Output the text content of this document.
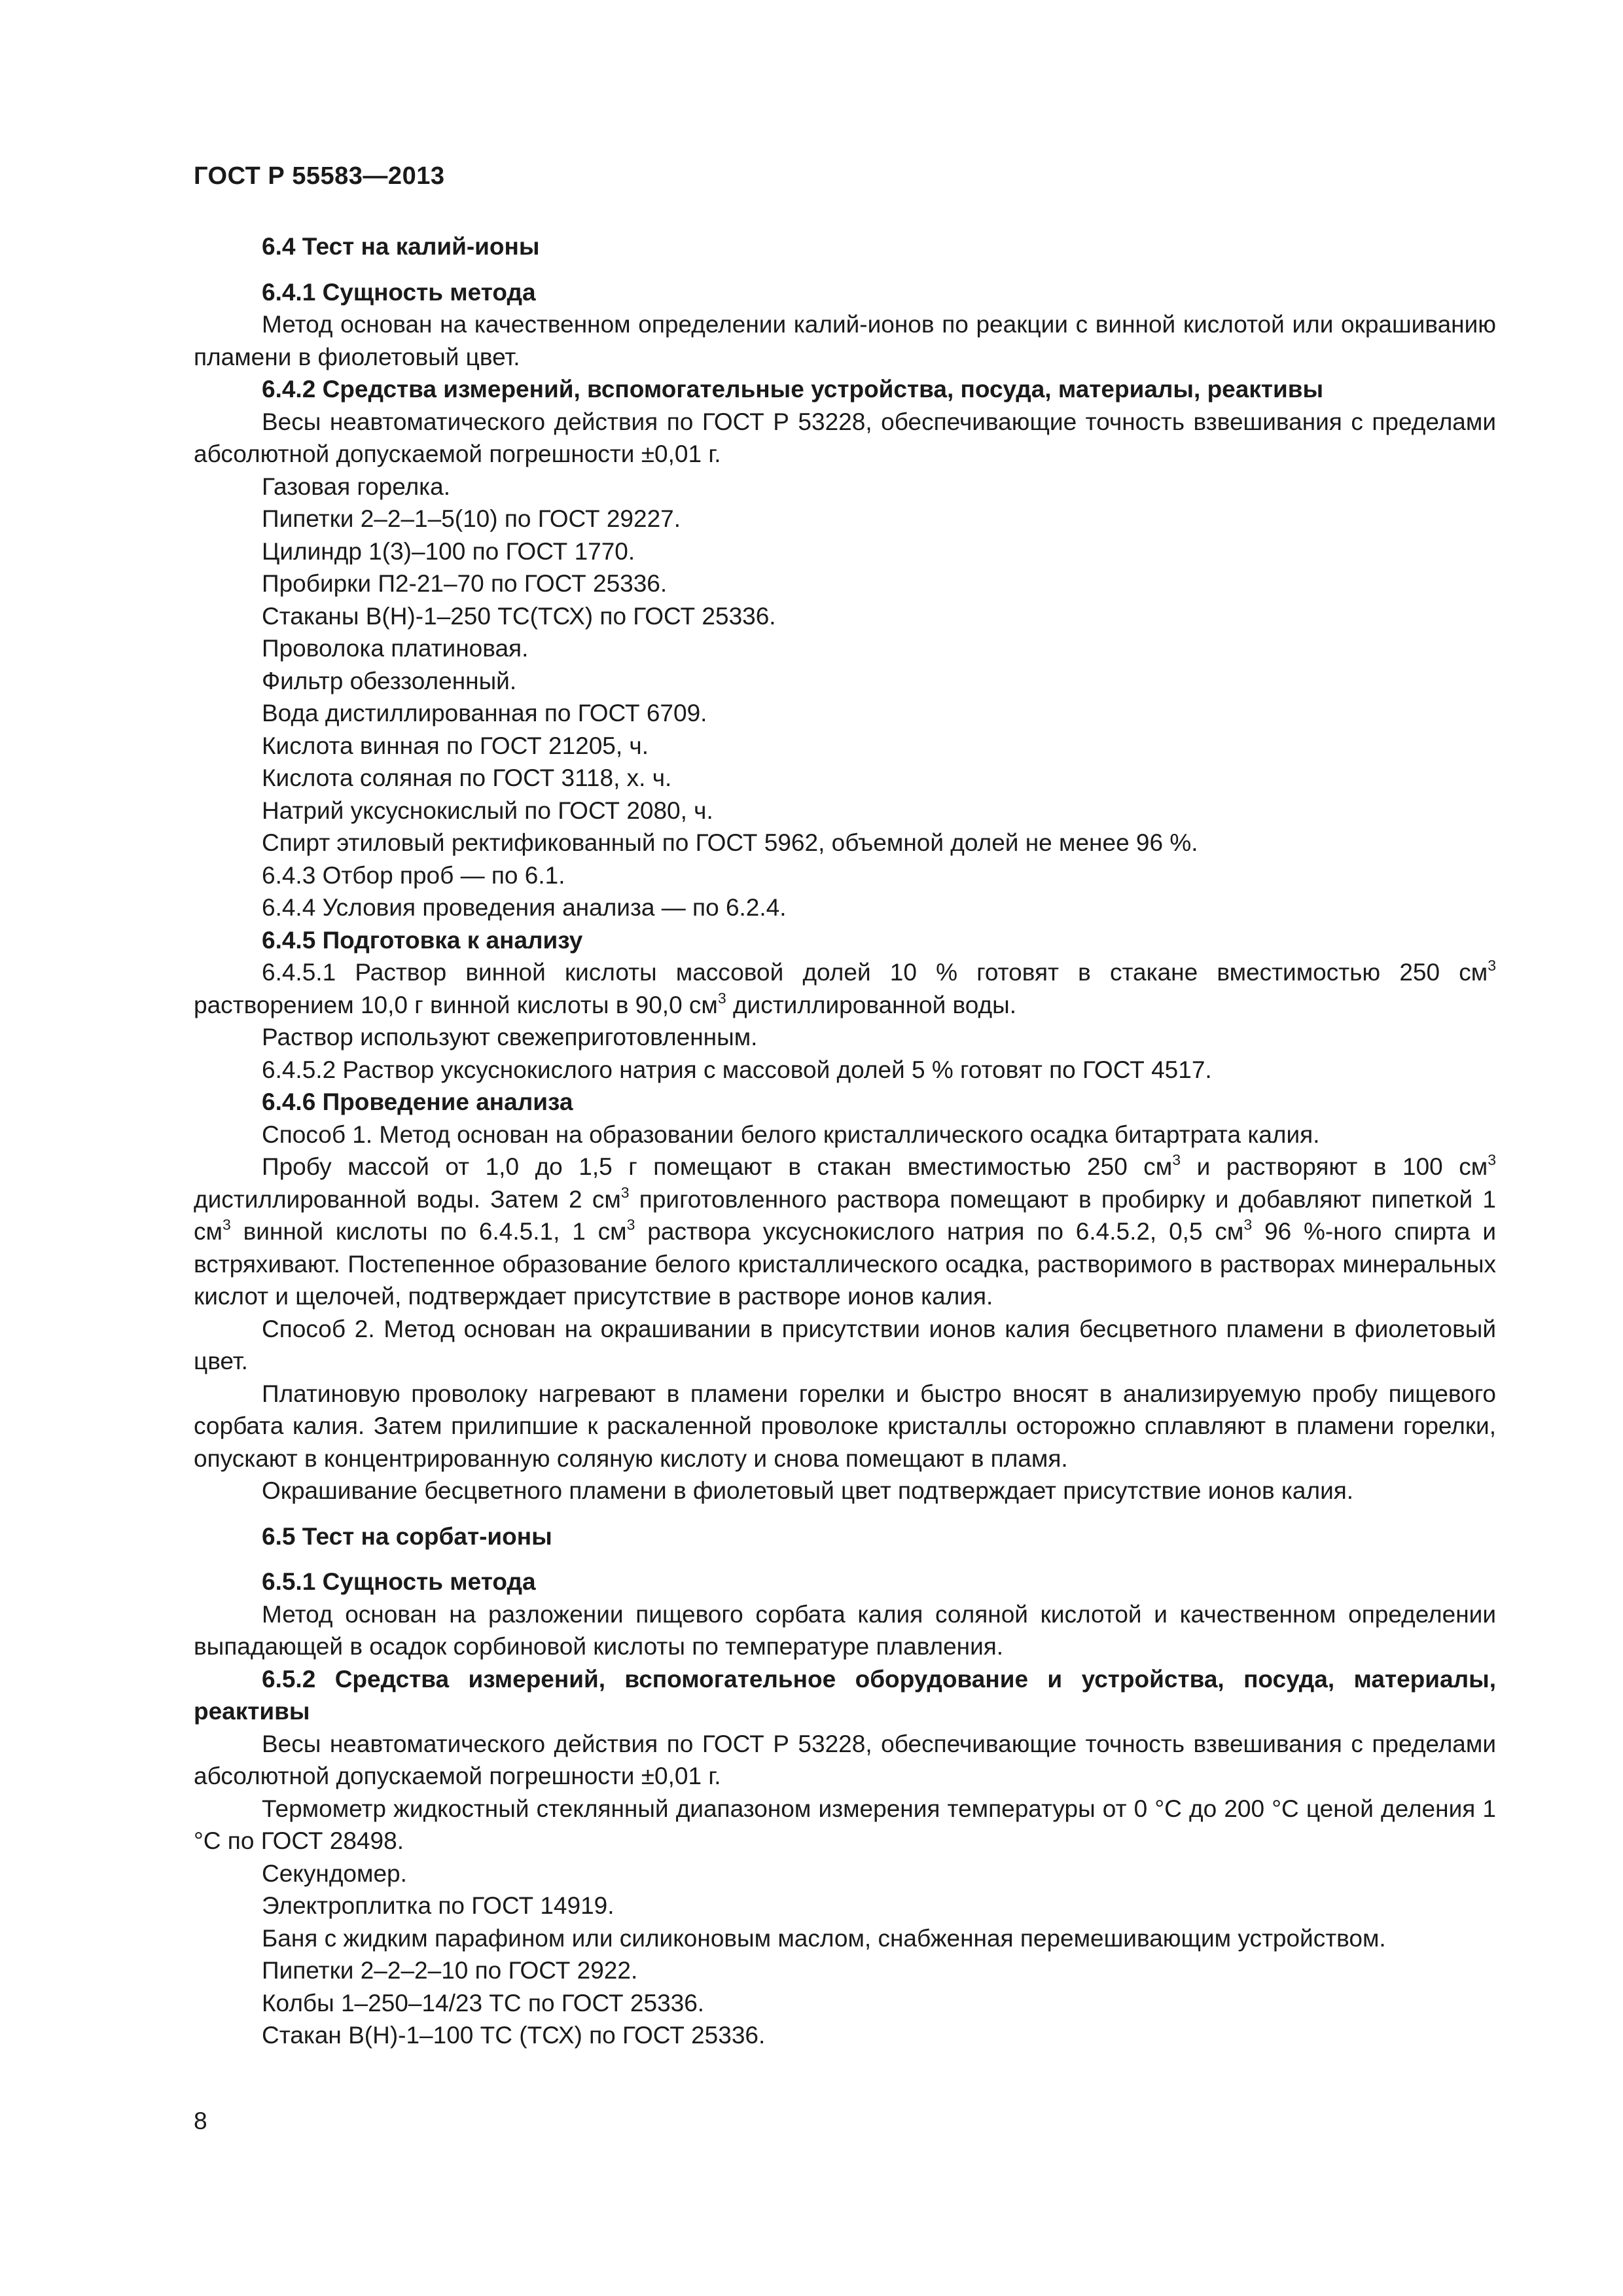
ГОСТ Р 55583—2013

6.4 Тест на калий-ионы

6.4.1 Сущность метода

Метод основан на качественном определении калий-ионов по реакции с винной кислотой или окрашиванию пламени в фиолетовый цвет.

6.4.2 Средства измерений, вспомогательные устройства, посуда, материалы, реактивы

Весы неавтоматического действия по ГОСТ Р 53228, обеспечивающие точность взвешивания с пределами абсолютной допускаемой погрешности ±0,01 г.

Газовая горелка.

Пипетки 2–2–1–5(10) по ГОСТ 29227.

Цилиндр 1(3)–100 по ГОСТ 1770.

Пробирки П2-21–70 по ГОСТ 25336.

Стаканы В(Н)-1–250 ТС(ТСХ) по ГОСТ 25336.

Проволока платиновая.

Фильтр обеззоленный.

Вода дистиллированная по ГОСТ 6709.

Кислота винная по ГОСТ 21205, ч.

Кислота соляная по ГОСТ 3118, х. ч.

Натрий уксуснокислый по ГОСТ 2080, ч.

Спирт этиловый ректификованный по ГОСТ 5962, объемной долей не менее 96 %.

6.4.3 Отбор проб — по 6.1.

6.4.4 Условия проведения анализа — по 6.2.4.

6.4.5 Подготовка к анализу

6.4.5.1 Раствор винной кислоты массовой долей 10 % готовят в стакане вместимостью 250 $см^3$ растворением 10,0 г винной кислоты в 90,0 $см^3$ дистиллированной воды.

Раствор используют свежеприготовленным.

6.4.5.2 Раствор уксуснокислого натрия с массовой долей 5 % готовят по ГОСТ 4517.

6.4.6 Проведение анализа

Способ 1. Метод основан на образовании белого кристаллического осадка битартрата калия.

Пробу массой от 1,0 до 1,5 г помещают в стакан вместимостью 250 $см^3$ и растворяют в 100 $см^3$ дистиллированной воды. Затем 2 $см^3$ приготовленного раствора помещают в пробирку и добавляют пипеткой 1 $см^3$ винной кислоты по 6.4.5.1, 1 $см^3$ раствора уксуснокислого натрия по 6.4.5.2, 0,5 $см^3$ 96 %-ного спирта и встряхивают. Постепенное образование белого кристаллического осадка, растворимого в растворах минеральных кислот и щелочей, подтверждает присутствие в растворе ионов калия.

Способ 2. Метод основан на окрашивании в присутствии ионов калия бесцветного пламени в фиолетовый цвет.

Платиновую проволоку нагревают в пламени горелки и быстро вносят в анализируемую пробу пищевого сорбата калия. Затем прилипшие к раскаленной проволоке кристаллы осторожно сплавляют в пламени горелки, опускают в концентрированную соляную кислоту и снова помещают в пламя.

Окрашивание бесцветного пламени в фиолетовый цвет подтверждает присутствие ионов калия.

6.5 Тест на сорбат-ионы

6.5.1 Сущность метода

Метод основан на разложении пищевого сорбата калия соляной кислотой и качественном определении выпадающей в осадок сорбиновой кислоты по температуре плавления.

6.5.2 Средства измерений, вспомогательное оборудование и устройства, посуда, материалы, реактивы

Весы неавтоматического действия по ГОСТ Р 53228, обеспечивающие точность взвешивания с пределами абсолютной допускаемой погрешности ±0,01 г.

Термометр жидкостный стеклянный диапазоном измерения температуры от 0 °С до 200 °С ценой деления 1 °С по ГОСТ 28498.

Секундомер.

Электроплитка по ГОСТ 14919.

Баня с жидким парафином или силиконовым маслом, снабженная перемешивающим устройством.

Пипетки 2–2–2–10 по ГОСТ 2922.

Колбы 1–250–14/23 ТС по ГОСТ 25336.

Стакан В(Н)-1–100 ТС (ТСХ) по ГОСТ 25336.

8
